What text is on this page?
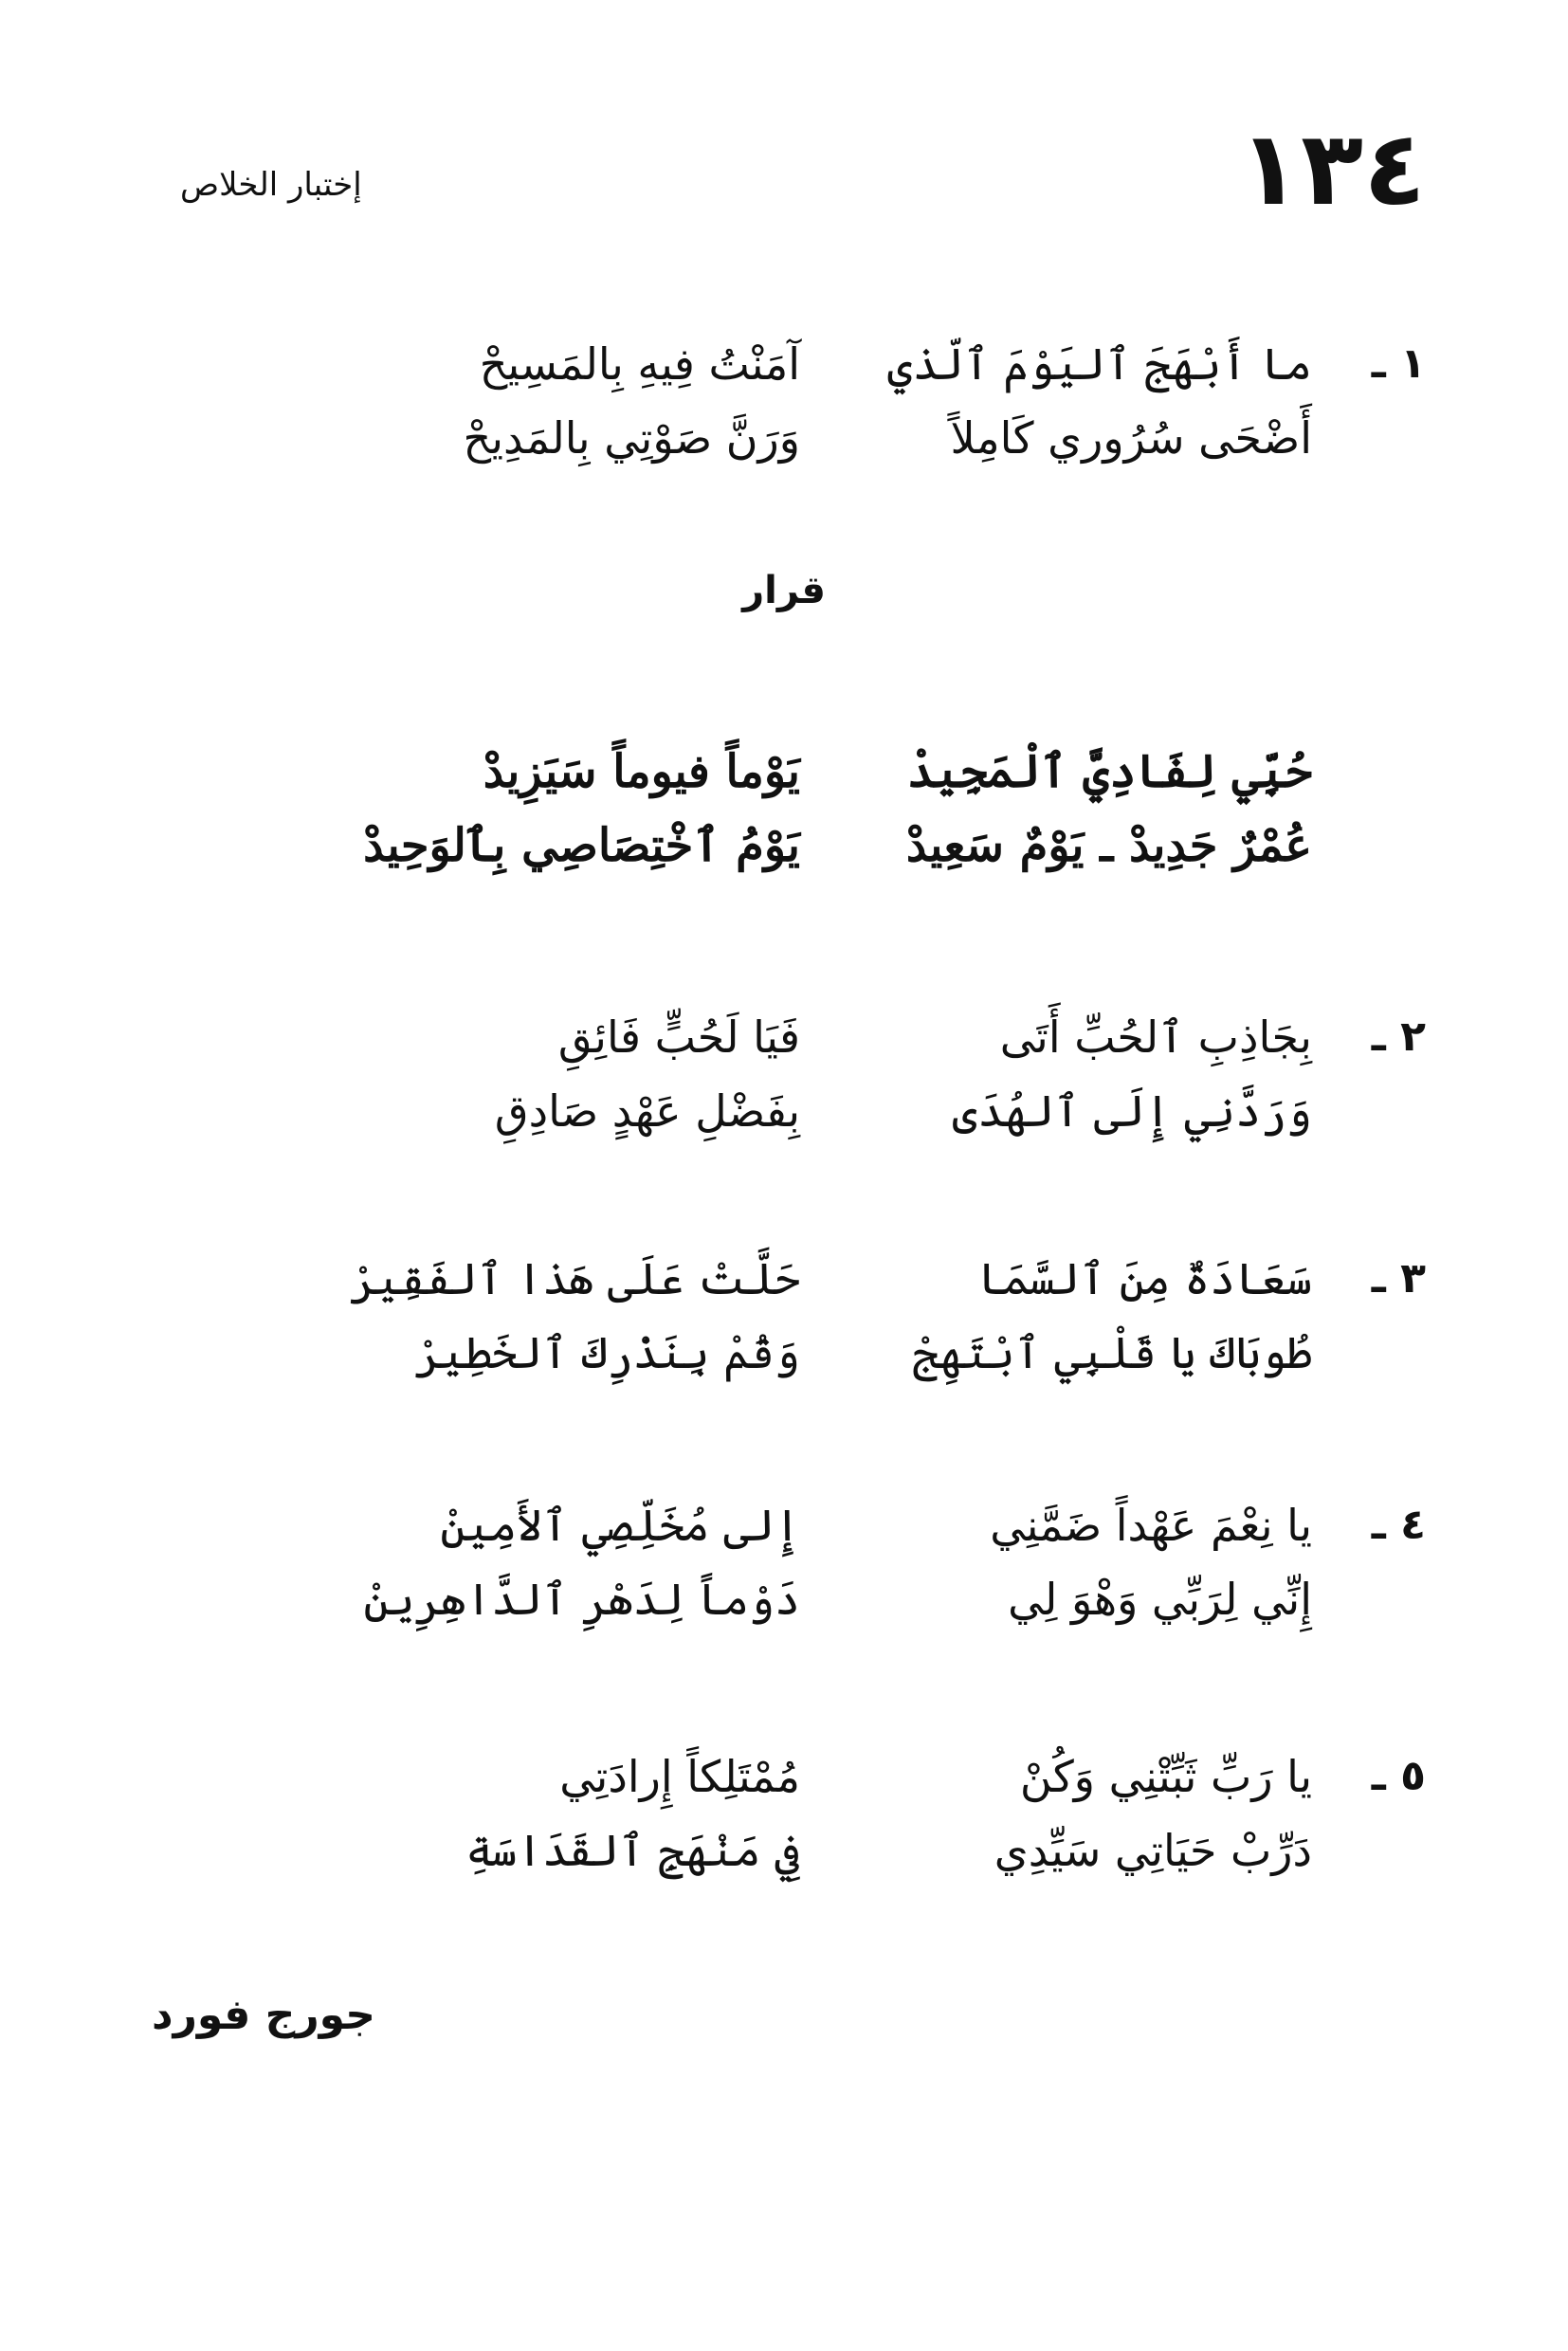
١٣٤
إختبار الخلاص
١ ـ
ما أَبْهَجَ ٱليَوْمَ ٱلّذي
آمَنْتُ فِيهِ بِالمَسِيحْ
أَضْحَى سُرُوري كَامِلاً
وَرَنَّ صَوْتِي بِالمَدِيحْ
قرار
حُبِّي لِفَادِيَّ ٱلْمَجِيدْ
يَوْماً فيوماً سَيَزِيدْ
عُمْرٌ جَدِيدْ ـ يَوْمٌ سَعِيدْ
يَوْمُ ٱخْتِصَاصِي بِٱلوَحِيدْ
٢ ـ
بِجَاذِبِ ٱلحُبِّ أَتَى
فَيَا لَحُبٍّ فَائِقِ
وَرَدَّنِي إِلَى ٱلهُدَى
بِفَضْلِ عَهْدٍ صَادِقِ
٣ ـ
سَعَادَةٌ مِنَ ٱلسَّمَا
حَلَّتْ عَلَى هَذا ٱلفَقِيرْ
طُوبَاكَ يا قَلْبِي ٱبْتَهِجْ
وَقُمْ بِنَذْرِكَ ٱلخَطِيرْ
٤ ـ
يا نِعْمَ عَهْداً ضَمَّنِي
إِلى مُخَلِّصِي ٱلأَمِينْ
إِنِّي لِرَبِّي وَهْوَ لِي
دَوْماً لِدَهْرِ ٱلدَّاهِرِينْ
٥ ـ
يا رَبِّ ثَبِّتْنِي وَكُنْ
مُمْتَلِكاً إِرادَتِي
دَرِّبْ حَيَاتِي سَيِّدِي
فِي مَنْهَجِ ٱلقَدَاسَةِ
جورج فورد
